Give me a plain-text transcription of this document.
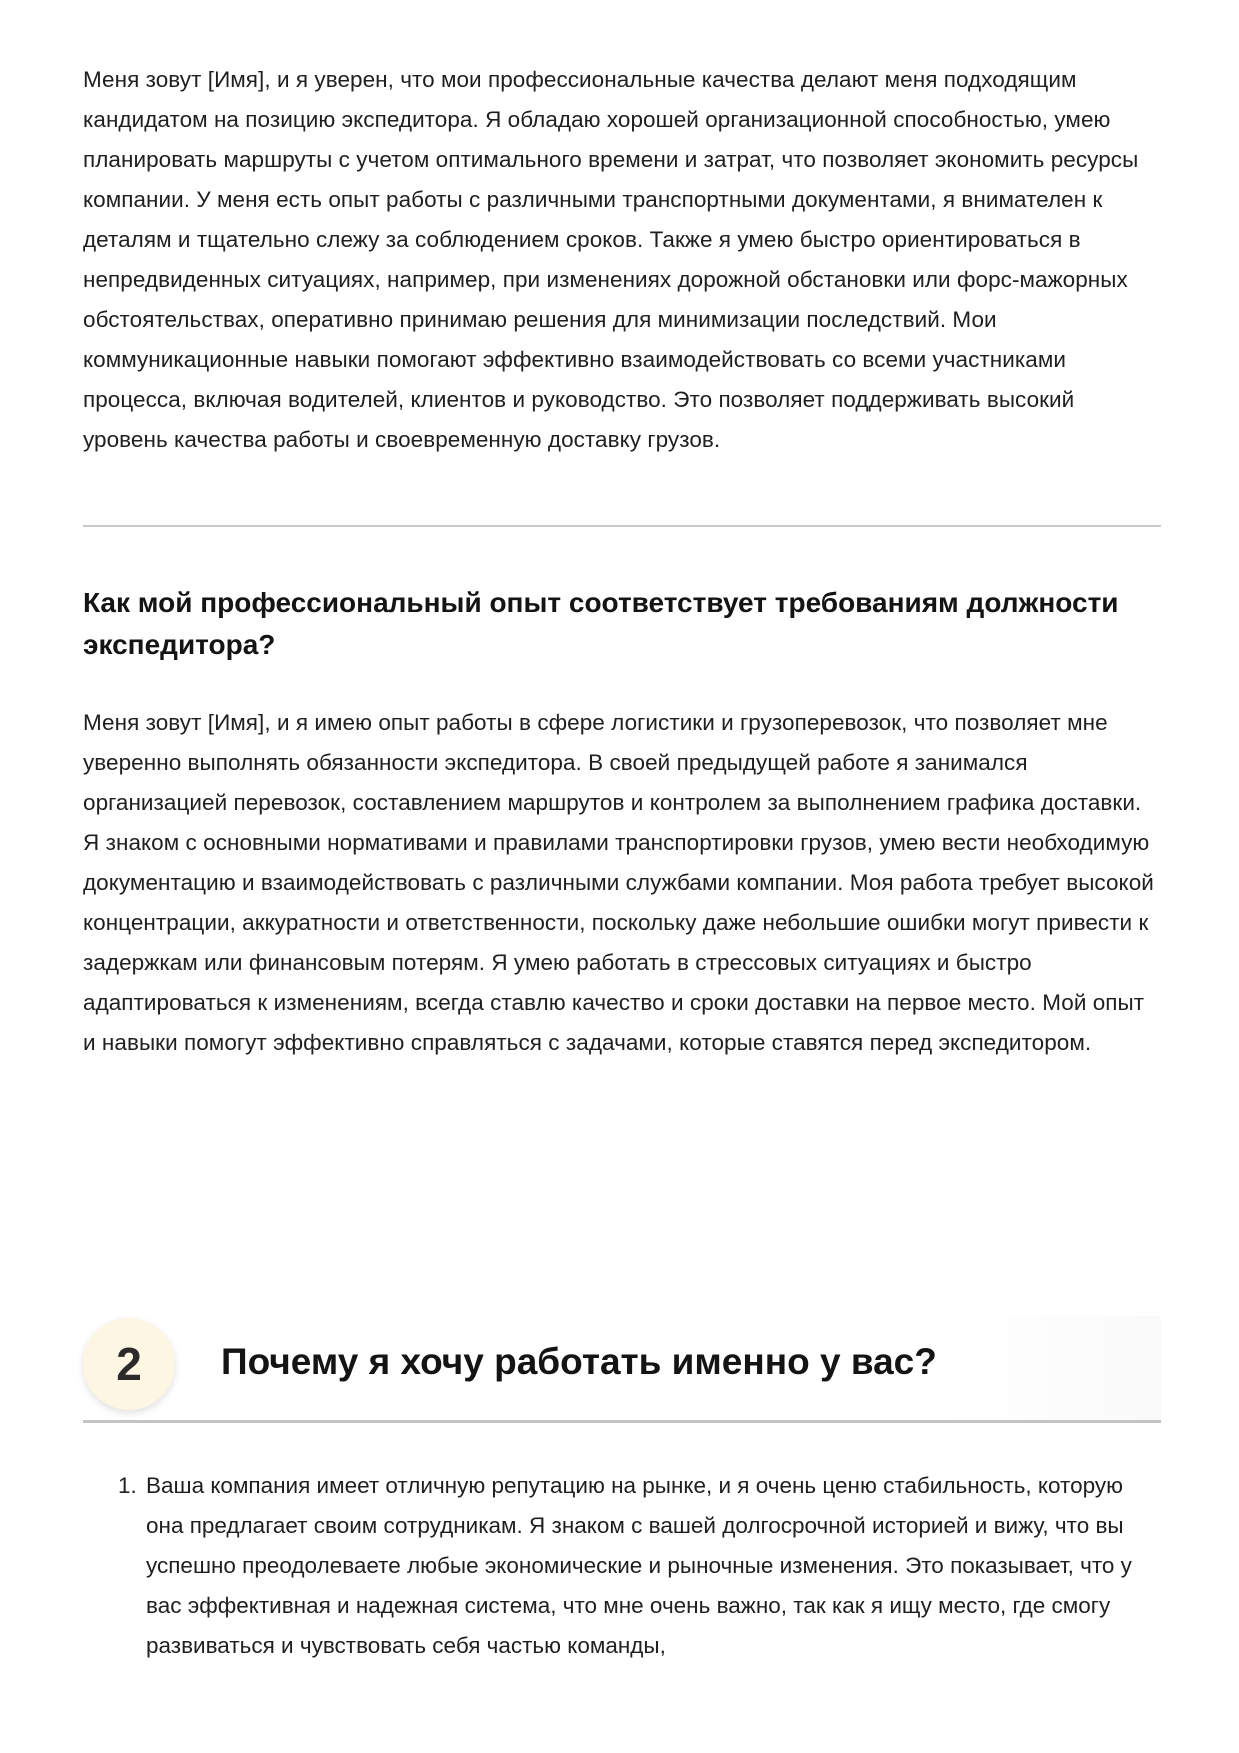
Меня зовут [Имя], и я уверен, что мои профессиональные качества делают меня подходящим кандидатом на позицию экспедитора. Я обладаю хорошей организационной способностью, умею планировать маршруты с учетом оптимального времени и затрат, что позволяет экономить ресурсы компании. У меня есть опыт работы с различными транспортными документами, я внимателен к деталям и тщательно слежу за соблюдением сроков. Также я умею быстро ориентироваться в непредвиденных ситуациях, например, при изменениях дорожной обстановки или форс-мажорных обстоятельствах, оперативно принимаю решения для минимизации последствий. Мои коммуникационные навыки помогают эффективно взаимодействовать со всеми участниками процесса, включая водителей, клиентов и руководство. Это позволяет поддерживать высокий уровень качества работы и своевременную доставку грузов.

Как мой профессиональный опыт соответствует требованиям должности экспедитора?

Меня зовут [Имя], и я имею опыт работы в сфере логистики и грузоперевозок, что позволяет мне уверенно выполнять обязанности экспедитора. В своей предыдущей работе я занимался организацией перевозок, составлением маршрутов и контролем за выполнением графика доставки. Я знаком с основными нормативами и правилами транспортировки грузов, умею вести необходимую документацию и взаимодействовать с различными службами компании. Моя работа требует высокой концентрации, аккуратности и ответственности, поскольку даже небольшие ошибки могут привести к задержкам или финансовым потерям. Я умею работать в стрессовых ситуациях и быстро адаптироваться к изменениям, всегда ставлю качество и сроки доставки на первое место. Мой опыт и навыки помогут эффективно справляться с задачами, которые ставятся перед экспедитором.

2	Почему я хочу работать именно у вас?
1. Ваша компания имеет отличную репутацию на рынке, и я очень ценю стабильность, которую она предлагает своим сотрудникам. Я знаком с вашей долгосрочной историей и вижу, что вы успешно преодолеваете любые экономические и рыночные изменения. Это показывает, что у вас эффективная и надежная система, что мне очень важно, так как я ищу место, где смогу развиваться и чувствовать себя частью команды,
